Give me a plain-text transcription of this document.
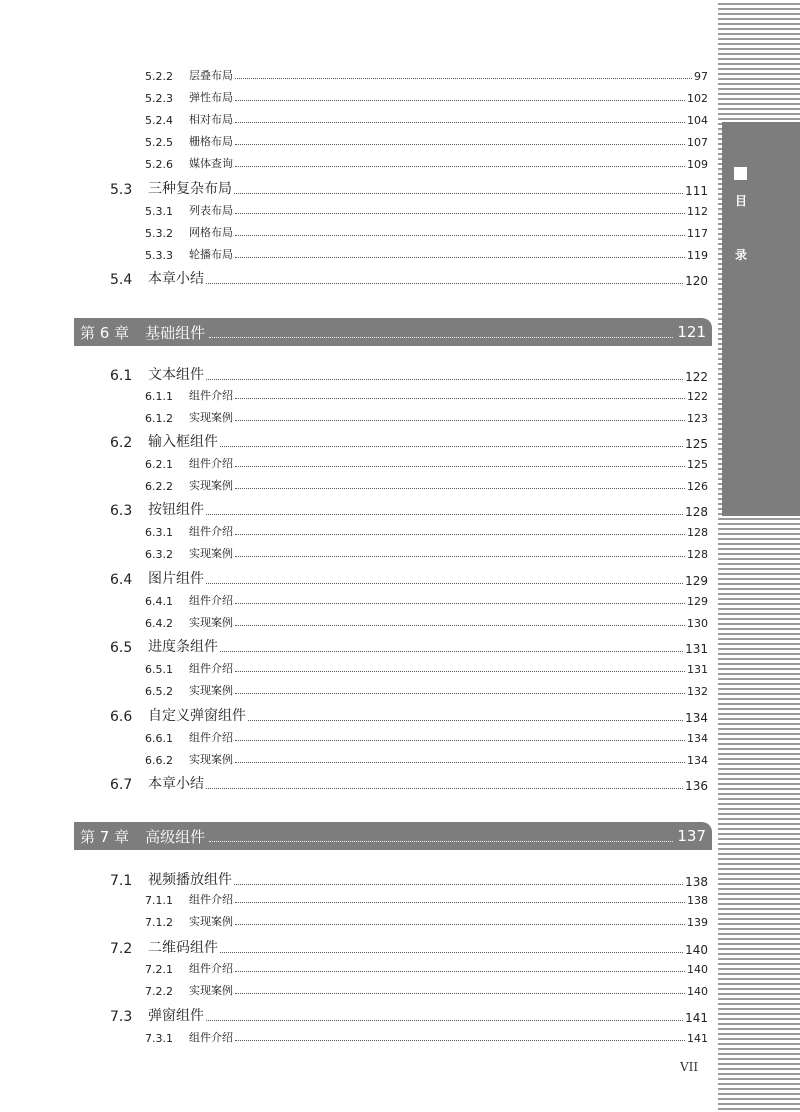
目
录
5.2.2	层叠布局	97
5.2.3	弹性布局	102
5.2.4	相对布局	104
5.2.5	栅格布局	107
5.2.6	媒体查询	109
5.3	三种复杂布局	111
5.3.1	列表布局	112
5.3.2	网格布局	117
5.3.3	轮播布局	119
5.4	本章小结	120
第 6 章 基础组件	121
6.1	文本组件	122
6.1.1	组件介绍	122
6.1.2	实现案例	123
6.2	输入框组件	125
6.2.1	组件介绍	125
6.2.2	实现案例	126
6.3	按钮组件	128
6.3.1	组件介绍	128
6.3.2	实现案例	128
6.4	图片组件	129
6.4.1	组件介绍	129
6.4.2	实现案例	130
6.5	进度条组件	131
6.5.1	组件介绍	131
6.5.2	实现案例	132
6.6	自定义弹窗组件	134
6.6.1	组件介绍	134
6.6.2	实现案例	134
6.7	本章小结	136
第 7 章 高级组件	137
7.1	视频播放组件	138
7.1.1	组件介绍	138
7.1.2	实现案例	139
7.2	二维码组件	140
7.2.1	组件介绍	140
7.2.2	实现案例	140
7.3	弹窗组件	141
7.3.1	组件介绍	141
VII
